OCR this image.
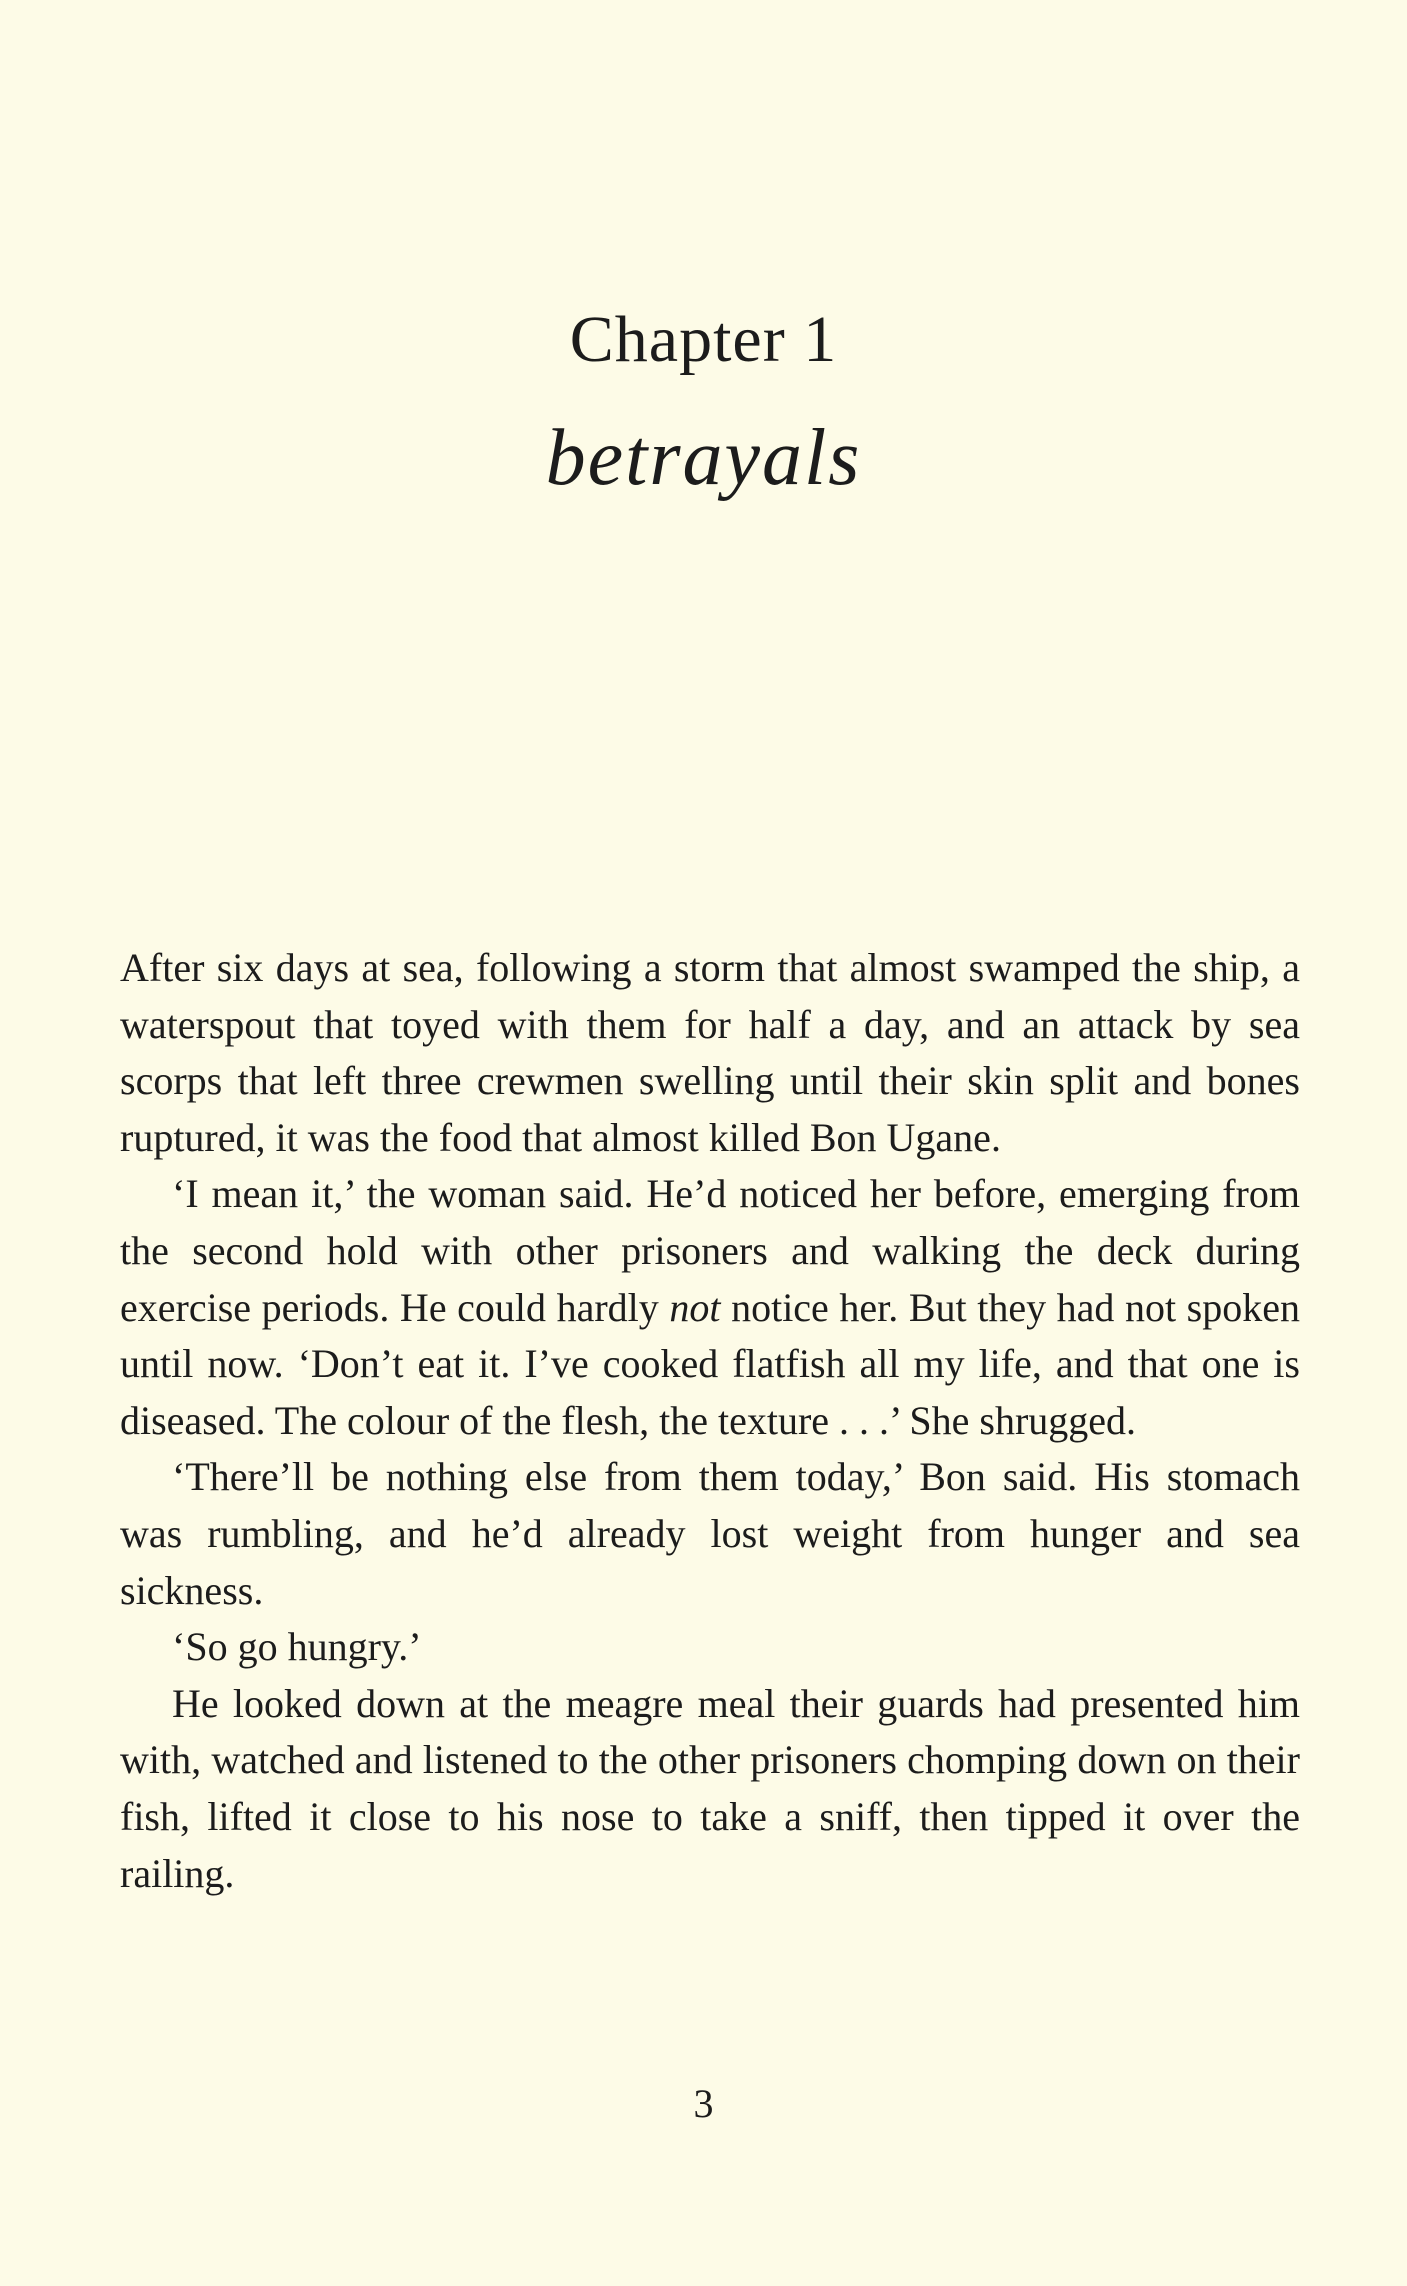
Chapter 1
betrayals

After six days at sea, following a storm that almost swamped the ship, a waterspout that toyed with them for half a day, and an attack by sea scorps that left three crewmen swelling until their skin split and bones ruptured, it was the food that almost killed Bon Ugane.

‘I mean it,’ the woman said. He’d noticed her before, emerging from the second hold with other prisoners and walking the deck during exercise periods. He could hardly not notice her. But they had not spoken until now. ‘Don’t eat it. I’ve cooked flatfish all my life, and that one is diseased. The colour of the flesh, the texture . . .’ She shrugged.

‘There’ll be nothing else from them today,’ Bon said. His stomach was rumbling, and he’d already lost weight from hunger and sea sickness.

‘So go hungry.’

He looked down at the meagre meal their guards had presented him with, watched and listened to the other prisoners chomping down on their fish, lifted it close to his nose to take a sniff, then tipped it over the railing.

3
